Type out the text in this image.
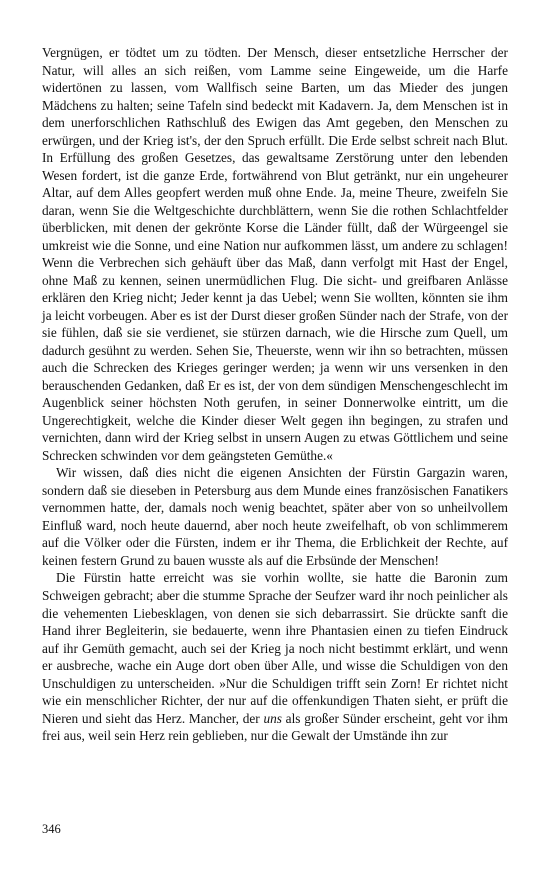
Vergnügen, er tödtet um zu tödten. Der Mensch, dieser entsetzliche Herrscher der Natur, will alles an sich reißen, vom Lamme seine Eingeweide, um die Harfe widertönen zu lassen, vom Wallfisch seine Barten, um das Mieder des jungen Mädchens zu halten; seine Tafeln sind bedeckt mit Kadavern. Ja, dem Menschen ist in dem unerforschlichen Rathschluß des Ewigen das Amt gegeben, den Menschen zu erwürgen, und der Krieg ist's, der den Spruch erfüllt. Die Erde selbst schreit nach Blut. In Erfüllung des großen Gesetzes, das gewaltsame Zerstörung unter den lebenden Wesen fordert, ist die ganze Erde, fortwährend von Blut getränkt, nur ein ungeheurer Altar, auf dem Alles geopfert werden muß ohne Ende. Ja, meine Theure, zweifeln Sie daran, wenn Sie die Weltgeschichte durchblättern, wenn Sie die rothen Schlachtfelder überblicken, mit denen der gekrönte Korse die Länder füllt, daß der Würgeengel sie umkreist wie die Sonne, und eine Nation nur aufkommen lässt, um andere zu schlagen! Wenn die Verbrechen sich gehäuft über das Maß, dann verfolgt mit Hast der Engel, ohne Maß zu kennen, seinen unermüdlichen Flug. Die sicht- und greifbaren Anlässe erklären den Krieg nicht; Jeder kennt ja das Uebel; wenn Sie wollten, könnten sie ihm ja leicht vorbeugen. Aber es ist der Durst dieser großen Sünder nach der Strafe, von der sie fühlen, daß sie sie verdienet, sie stürzen darnach, wie die Hirsche zum Quell, um dadurch gesühnt zu werden. Sehen Sie, Theuerste, wenn wir ihn so betrachten, müssen auch die Schrecken des Krieges geringer werden; ja wenn wir uns versenken in den berauschenden Gedanken, daß Er es ist, der von dem sündigen Menschengeschlecht im Augenblick seiner höchsten Noth gerufen, in seiner Donnerwolke eintritt, um die Ungerechtigkeit, welche die Kinder dieser Welt gegen ihn begingen, zu strafen und vernichten, dann wird der Krieg selbst in unsern Augen zu etwas Göttlichem und seine Schrecken schwinden vor dem geängsteten Gemüthe.«

Wir wissen, daß dies nicht die eigenen Ansichten der Fürstin Gargazin waren, sondern daß sie dieseben in Petersburg aus dem Munde eines französischen Fanatikers vernommen hatte, der, damals noch wenig beachtet, später aber von so unheilvollem Einfluß ward, noch heute dauernd, aber noch heute zweifelhaft, ob von schlimmerem auf die Völker oder die Fürsten, indem er ihr Thema, die Erblichkeit der Rechte, auf keinen festern Grund zu bauen wusste als auf die Erbsünde der Menschen!

Die Fürstin hatte erreicht was sie vorhin wollte, sie hatte die Baronin zum Schweigen gebracht; aber die stumme Sprache der Seufzer ward ihr noch peinlicher als die vehementen Liebesklagen, von denen sie sich debarrassirt. Sie drückte sanft die Hand ihrer Begleiterin, sie bedauerte, wenn ihre Phantasien einen zu tiefen Eindruck auf ihr Gemüth gemacht, auch sei der Krieg ja noch nicht bestimmt erklärt, und wenn er ausbreche, wache ein Auge dort oben über Alle, und wisse die Schuldigen von den Unschuldigen zu unterscheiden. »Nur die Schuldigen trifft sein Zorn! Er richtet nicht wie ein menschlicher Richter, der nur auf die offenkundigen Thaten sieht, er prüft die Nieren und sieht das Herz. Mancher, der uns als großer Sünder erscheint, geht vor ihm frei aus, weil sein Herz rein geblieben, nur die Gewalt der Umstände ihn zur

346
